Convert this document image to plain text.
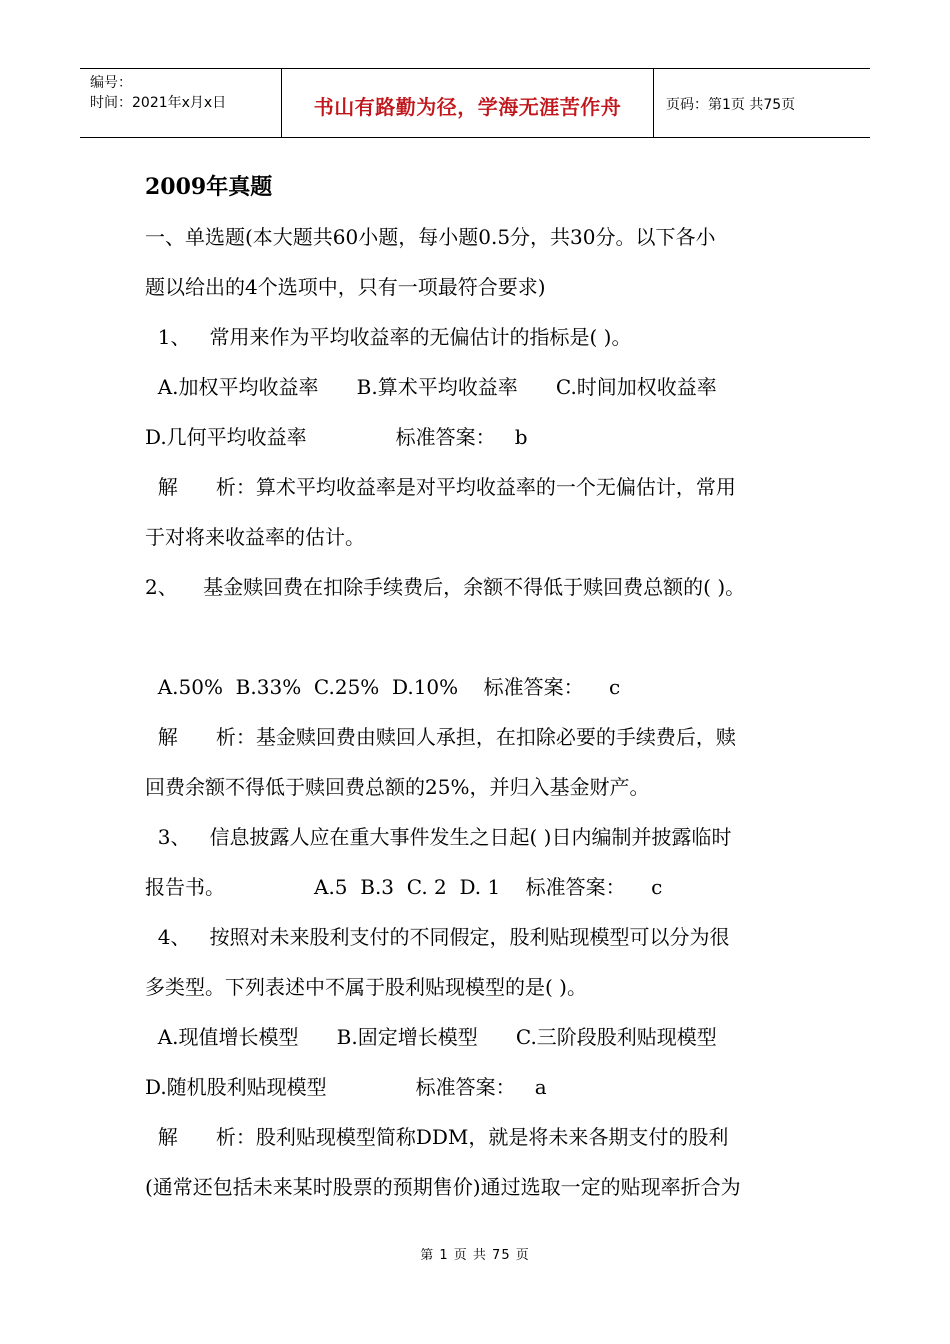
编号：
时间：2021年x月x日	书山有路勤为径，学海无涯苦作舟	页码：第1页 共75页
2009年真题
一、单选题(本大题共60小题，每小题0.5分，共30分。以下各小
题以给出的4个选项中，只有一项最符合要求)
1、   常用来作为平均收益率的无偏估计的指标是( )。
A.加权平均收益率      B.算术平均收益率      C.时间加权收益率
D.几何平均收益率              标准答案：   b
解      析：算术平均收益率是对平均收益率的一个无偏估计，常用
于对将来收益率的估计。
2、    基金赎回费在扣除手续费后，余额不得低于赎回费总额的( )。
A.50%  B.33%  C.25%  D.10%    标准答案：    c
解      析：基金赎回费由赎回人承担，在扣除必要的手续费后，赎
回费余额不得低于赎回费总额的25%，并归入基金财产。
3、   信息披露人应在重大事件发生之日起( )日内编制并披露临时
报告书。              A.5  B.3  C. 2  D. 1    标准答案：    c
4、   按照对未来股利支付的不同假定，股利贴现模型可以分为很
多类型。下列表述中不属于股利贴现模型的是( )。
A.现值增长模型      B.固定增长模型      C.三阶段股利贴现模型
D.随机股利贴现模型              标准答案：   a
解      析：股利贴现模型简称DDM，就是将未来各期支付的股利
(通常还包括未来某时股票的预期售价)通过选取一定的贴现率折合为
第 1 页 共 75 页
